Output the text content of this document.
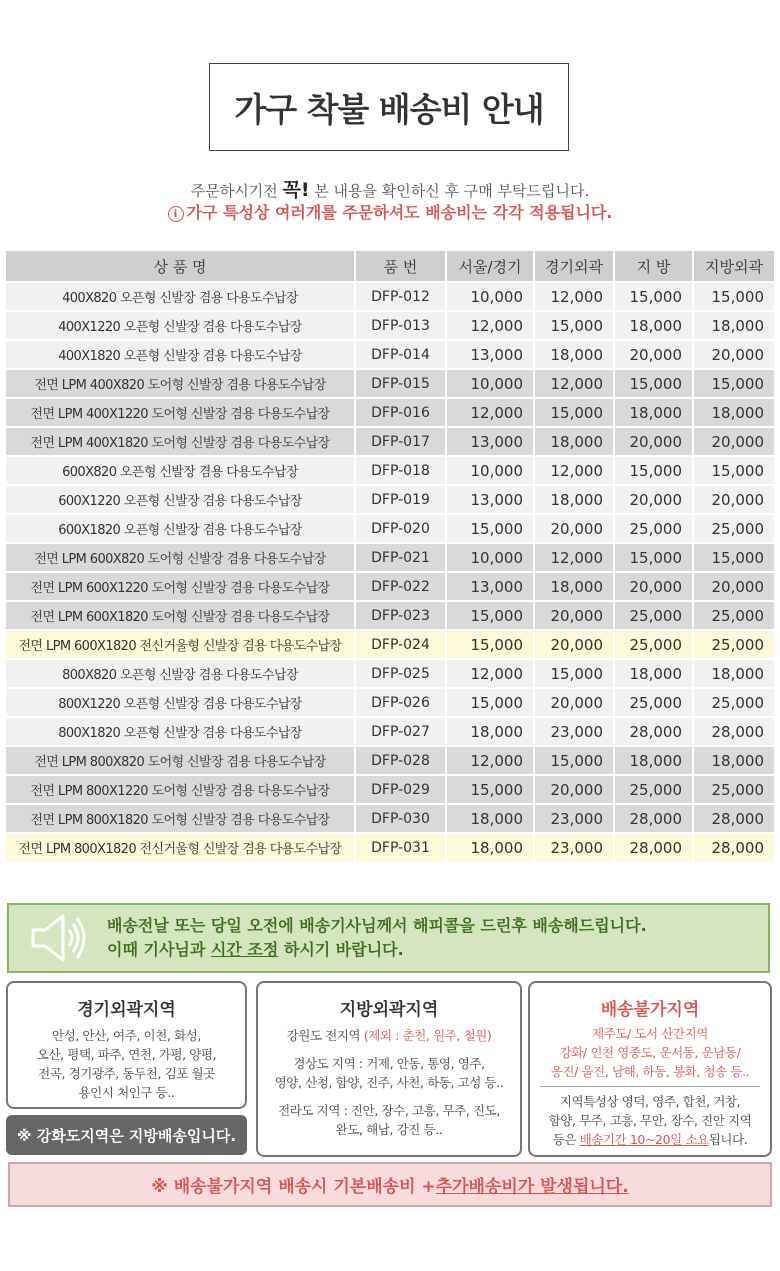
가구 착불 배송비 안내
주문하시기전 꼭! 본 내용을 확인하신 후 구매 부탁드립니다.
i 가구 특성상 여러개를 주문하셔도 배송비는 각각 적용됩니다.
상 품 명	품 번	서울/경기	경기외곽	지 방	지방외곽
400X820 오픈형 신발장 겸용 다용도수납장	DFP-012	10,000	12,000	15,000	15,000
400X1220 오픈형 신발장 겸용 다용도수납장	DFP-013	12,000	15,000	18,000	18,000
400X1820 오픈형 신발장 겸용 다용도수납장	DFP-014	13,000	18,000	20,000	20,000
전면 LPM 400X820 도어형 신발장 겸용 다용도수납장	DFP-015	10,000	12,000	15,000	15,000
전면 LPM 400X1220 도어형 신발장 겸용 다용도수납장	DFP-016	12,000	15,000	18,000	18,000
전면 LPM 400X1820 도어형 신발장 겸용 다용도수납장	DFP-017	13,000	18,000	20,000	20,000
600X820 오픈형 신발장 겸용 다용도수납장	DFP-018	10,000	12,000	15,000	15,000
600X1220 오픈형 신발장 겸용 다용도수납장	DFP-019	13,000	18,000	20,000	20,000
600X1820 오픈형 신발장 겸용 다용도수납장	DFP-020	15,000	20,000	25,000	25,000
전면 LPM 600X820 도어형 신발장 겸용 다용도수납장	DFP-021	10,000	12,000	15,000	15,000
전면 LPM 600X1220 도어형 신발장 겸용 다용도수납장	DFP-022	13,000	18,000	20,000	20,000
전면 LPM 600X1820 도어형 신발장 겸용 다용도수납장	DFP-023	15,000	20,000	25,000	25,000
전면 LPM 600X1820 전신거울형 신발장 겸용 다용도수납장	DFP-024	15,000	20,000	25,000	25,000
800X820 오픈형 신발장 겸용 다용도수납장	DFP-025	12,000	15,000	18,000	18,000
800X1220 오픈형 신발장 겸용 다용도수납장	DFP-026	15,000	20,000	25,000	25,000
800X1820 오픈형 신발장 겸용 다용도수납장	DFP-027	18,000	23,000	28,000	28,000
전면 LPM 800X820 도어형 신발장 겸용 다용도수납장	DFP-028	12,000	15,000	18,000	18,000
전면 LPM 800X1220 도어형 신발장 겸용 다용도수납장	DFP-029	15,000	20,000	25,000	25,000
전면 LPM 800X1820 도어형 신발장 겸용 다용도수납장	DFP-030	18,000	23,000	28,000	28,000
전면 LPM 800X1820 전신거울형 신발장 겸용 다용도수납장	DFP-031	18,000	23,000	28,000	28,000
배송전날 또는 당일 오전에 배송기사님께서 해피콜을 드린후 배송해드립니다.
이때 기사님과 시간 조정 하시기 바랍니다.
경기외곽지역
안성, 안산, 여주, 이천, 화성,
오산, 평택, 파주, 연천, 가평, 양평,
전곡, 경기광주, 동두천, 김포 월곳
용인시 처인구 등..
※ 강화도지역은 지방배송입니다.
지방외곽지역
강원도 전지역 (제외 : 춘천, 원주, 철원)
경상도 지역 : 거제, 안동, 통영, 영주,
영양, 산청, 함양, 진주, 사천, 하동, 고성 등..
전라도 지역 : 진안, 장수, 고흥, 무주, 진도,
완도, 해남, 강진 등..
배송불가지역
제주도/ 도서 산간지역
강화/ 인천 영종도, 운서동, 운남동/
옹진/ 울진, 남해, 하동, 봉화, 청송 등..
지역특성상 영덕, 영주, 합천, 거창,
함양, 무주, 고흥, 무안, 장수, 진안 지역
등은 배송기간 10~20일 소요됩니다.
※ 배송불가지역 배송시 기본배송비 + 추가배송비가 발생됩니다.
